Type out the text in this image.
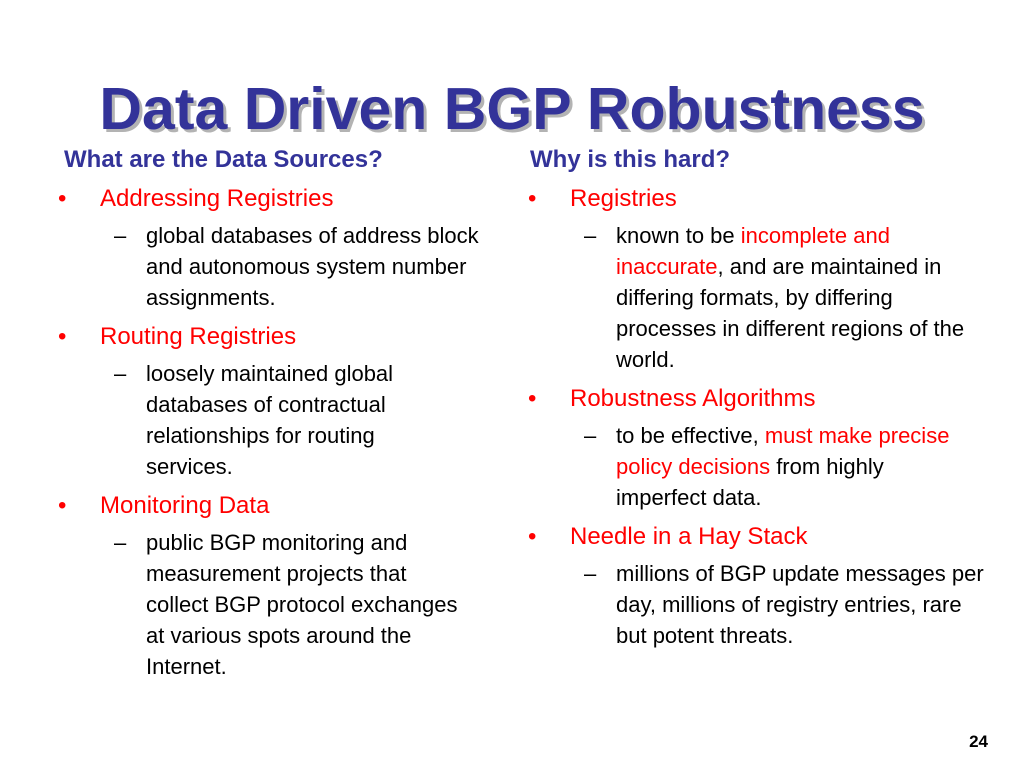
Data Driven BGP Robustness
What are the Data Sources?
• Addressing Registries
– global databases of address block and autonomous system number assignments.
• Routing Registries
– loosely maintained global databases of contractual relationships for routing services.
• Monitoring Data
– public BGP monitoring and measurement projects that collect BGP protocol exchanges at various spots around the Internet.
Why is this hard?
• Registries
– known to be incomplete and inaccurate, and are maintained in differing formats, by differing processes in different regions of the world.
• Robustness Algorithms
– to be effective, must make precise policy decisions from highly imperfect data.
• Needle in a Hay Stack
– millions of BGP update messages per day, millions of registry entries, rare but potent threats.
24
